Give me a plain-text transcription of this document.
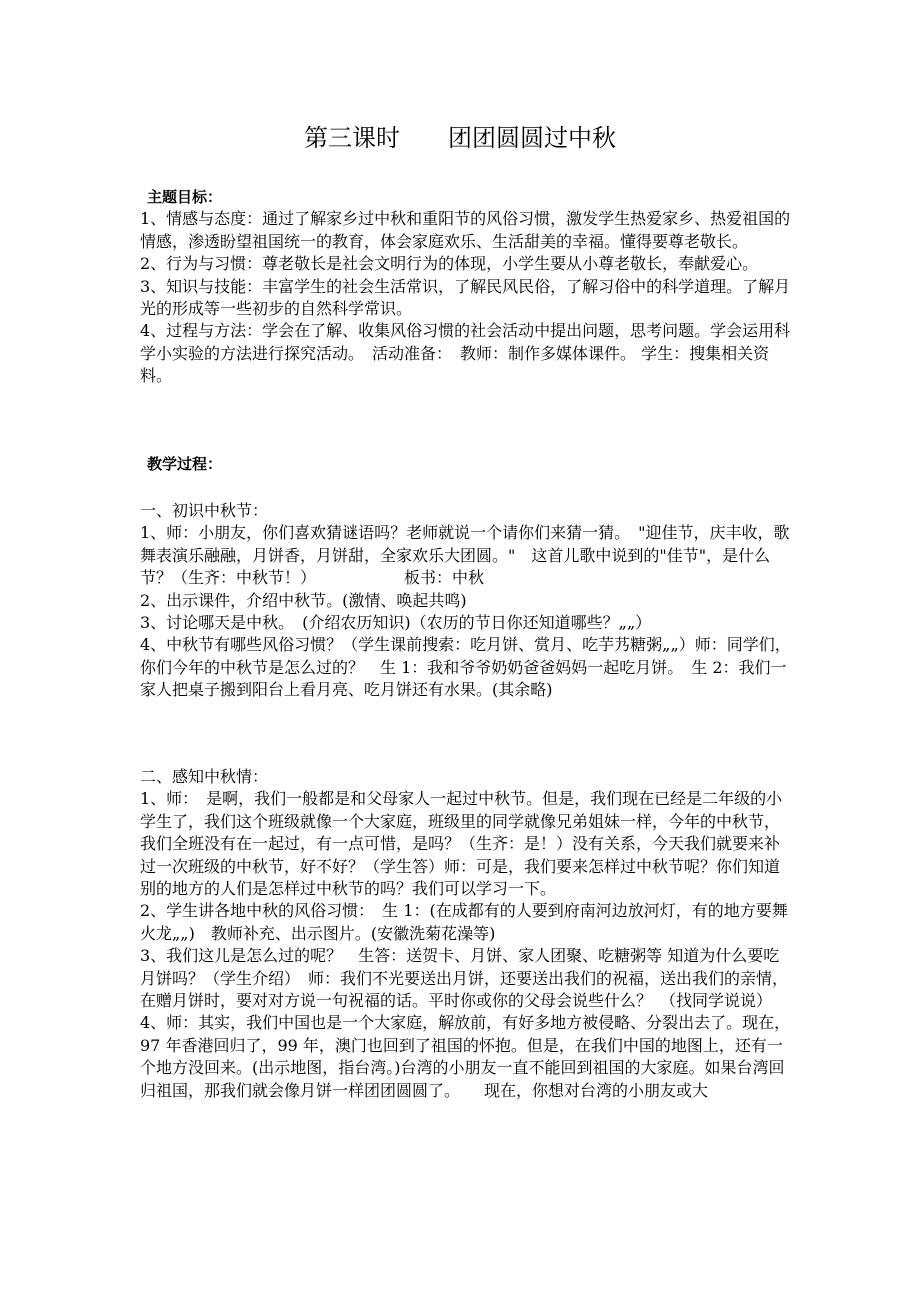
第三课时　　团团圆圆过中秋
主题目标：

1、情感与态度：通过了解家乡过中秋和重阳节的风俗习惯，激发学生热爱家乡、热爱祖国的情感，渗透盼望祖国统一的教育，体会家庭欢乐、生活甜美的幸福。懂得要尊老敬长。　　　2、行为与习惯：尊老敬长是社会文明行为的体现，小学生要从小尊老敬长，奉献爱心。

3、知识与技能：丰富学生的社会生活常识，了解民风民俗，了解习俗中的科学道理。了解月光的形成等一些初步的自然科学常识。

4、过程与方法：学会在了解、收集风俗习惯的社会活动中提出问题，思考问题。学会运用科学小实验的方法进行探究活动。　活动准备：　教师：制作多媒体课件。 学生：搜集相关资料。

教学过程：

一、初识中秋节：

1、师：小朋友，你们喜欢猜谜语吗？老师就说一个请你们来猜一猜。　"迎佳节，庆丰收，歌舞表演乐融融，月饼香，月饼甜，全家欢乐大团圆。"　这首儿歌中说到的"佳节"，是什么节？（生齐：中秋节！）　　　　　　板书：中秋

2、出示课件，介绍中秋节。(激情、唤起共鸣)

3、讨论哪天是中秋。　(介绍农历知识)（农历的节日你还知道哪些？„„）

4、中秋节有哪些风俗习惯？（学生课前搜索：吃月饼、赏月、吃芋艿糖粥„„）师：同学们，你们今年的中秋节是怎么过的？　生 1：我和爷爷奶奶爸爸妈妈一起吃月饼。　生 2：我们一家人把桌子搬到阳台上看月亮、吃月饼还有水果。(其余略)

二、感知中秋情：

1、师：　是啊，我们一般都是和父母家人一起过中秋节。但是，我们现在已经是二年级的小学生了，我们这个班级就像一个大家庭，班级里的同学就像兄弟姐妹一样，今年的中秋节，我们全班没有在一起过，有一点可惜，是吗？（生齐：是！）没有关系，今天我们就要来补过一次班级的中秋节，好不好？（学生答）师：可是，我们要来怎样过中秋节呢？你们知道别的地方的人们是怎样过中秋节的吗？我们可以学习一下。

2、学生讲各地中秋的风俗习惯：　生 1：(在成都有的人要到府南河边放河灯，有的地方要舞火龙„„)　教师补充、出示图片。(安徽洗菊花澡等)

3、我们这儿是怎么过的呢？　生答：送贺卡、月饼、家人团聚、吃糖粥等 知道为什么要吃月饼吗？（学生介绍）　师：我们不光要送出月饼，还要送出我们的祝福，送出我们的亲情，在赠月饼时，要对对方说一句祝福的话。平时你或你的父母会说些什么？　（找同学说说）　4、师：其实，我们中国也是一个大家庭，解放前，有好多地方被侵略、分裂出去了。现在，97 年香港回归了，99 年，澳门也回到了祖国的怀抱。但是，在我们中国的地图上，还有一个地方没回来。(出示地图，指台湾。)台湾的小朋友一直不能回到祖国的大家庭。如果台湾回归祖国，那我们就会像月饼一样团团圆圆了。　　现在，你想对台湾的小朋友或大
